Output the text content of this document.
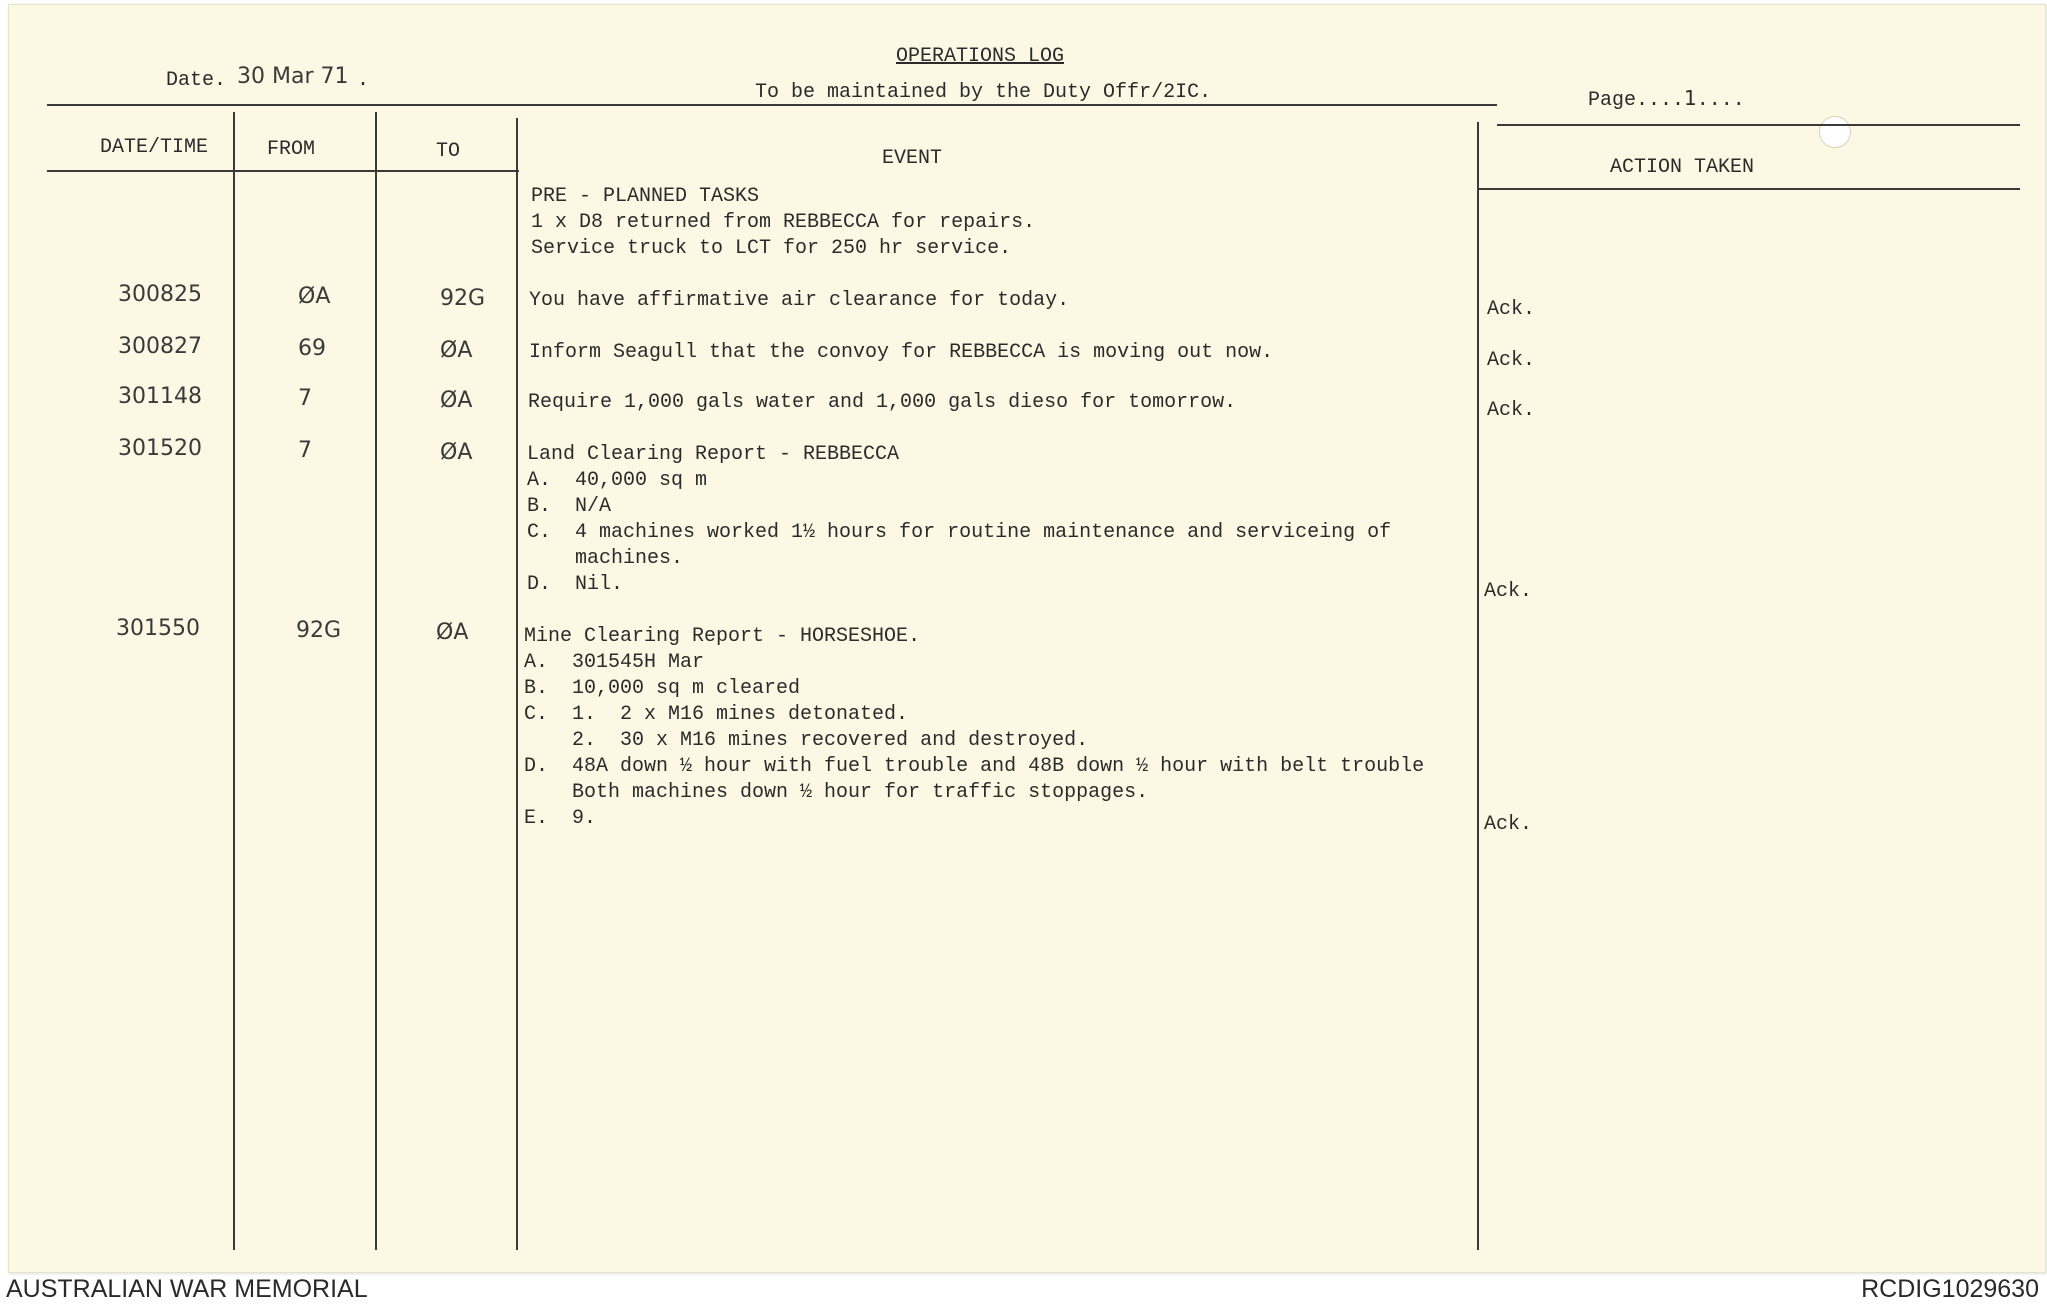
OPERATIONS LOG
To be maintained by the Duty Offr/2IC.
Date. 30 Mar 71 .
Page....1....
DATE/TIME	FROM	TO	EVENT	ACTION TAKEN
PRE - PLANNED TASKS
1 x D8 returned from REBBECCA for repairs.
Service truck to LCT for 250 hr service.
300825	ØA	92G You have affirmative air clearance for today.	Ack.
300827	69	ØA	Inform Seagull that the convoy for REBBECCA is moving out now.	Ack.
301148	7	ØA	Require 1,000 gals water and 1,000 gals dieso for tomorrow.	Ack.
301520	7	ØA	Land Clearing Report - REBBECCA
A.  40,000 sq m
B.  N/A
C.  4 machines worked 1½ hours for routine maintenance and serviceing of
machines.
D.  Nil.	Ack.
301550	92G	ØA	Mine Clearing Report - HORSESHOE.
A.  301545H Mar
B.  10,000 sq m cleared
C.  1.  2 x M16 mines detonated.
2.  30 x M16 mines recovered and destroyed.
D.  48A down ½ hour with fuel trouble and 48B down ½ hour with belt trouble
Both machines down ½ hour for traffic stoppages.
E.  9.	Ack.
AUSTRALIAN WAR MEMORIAL	RCDIG1029630
